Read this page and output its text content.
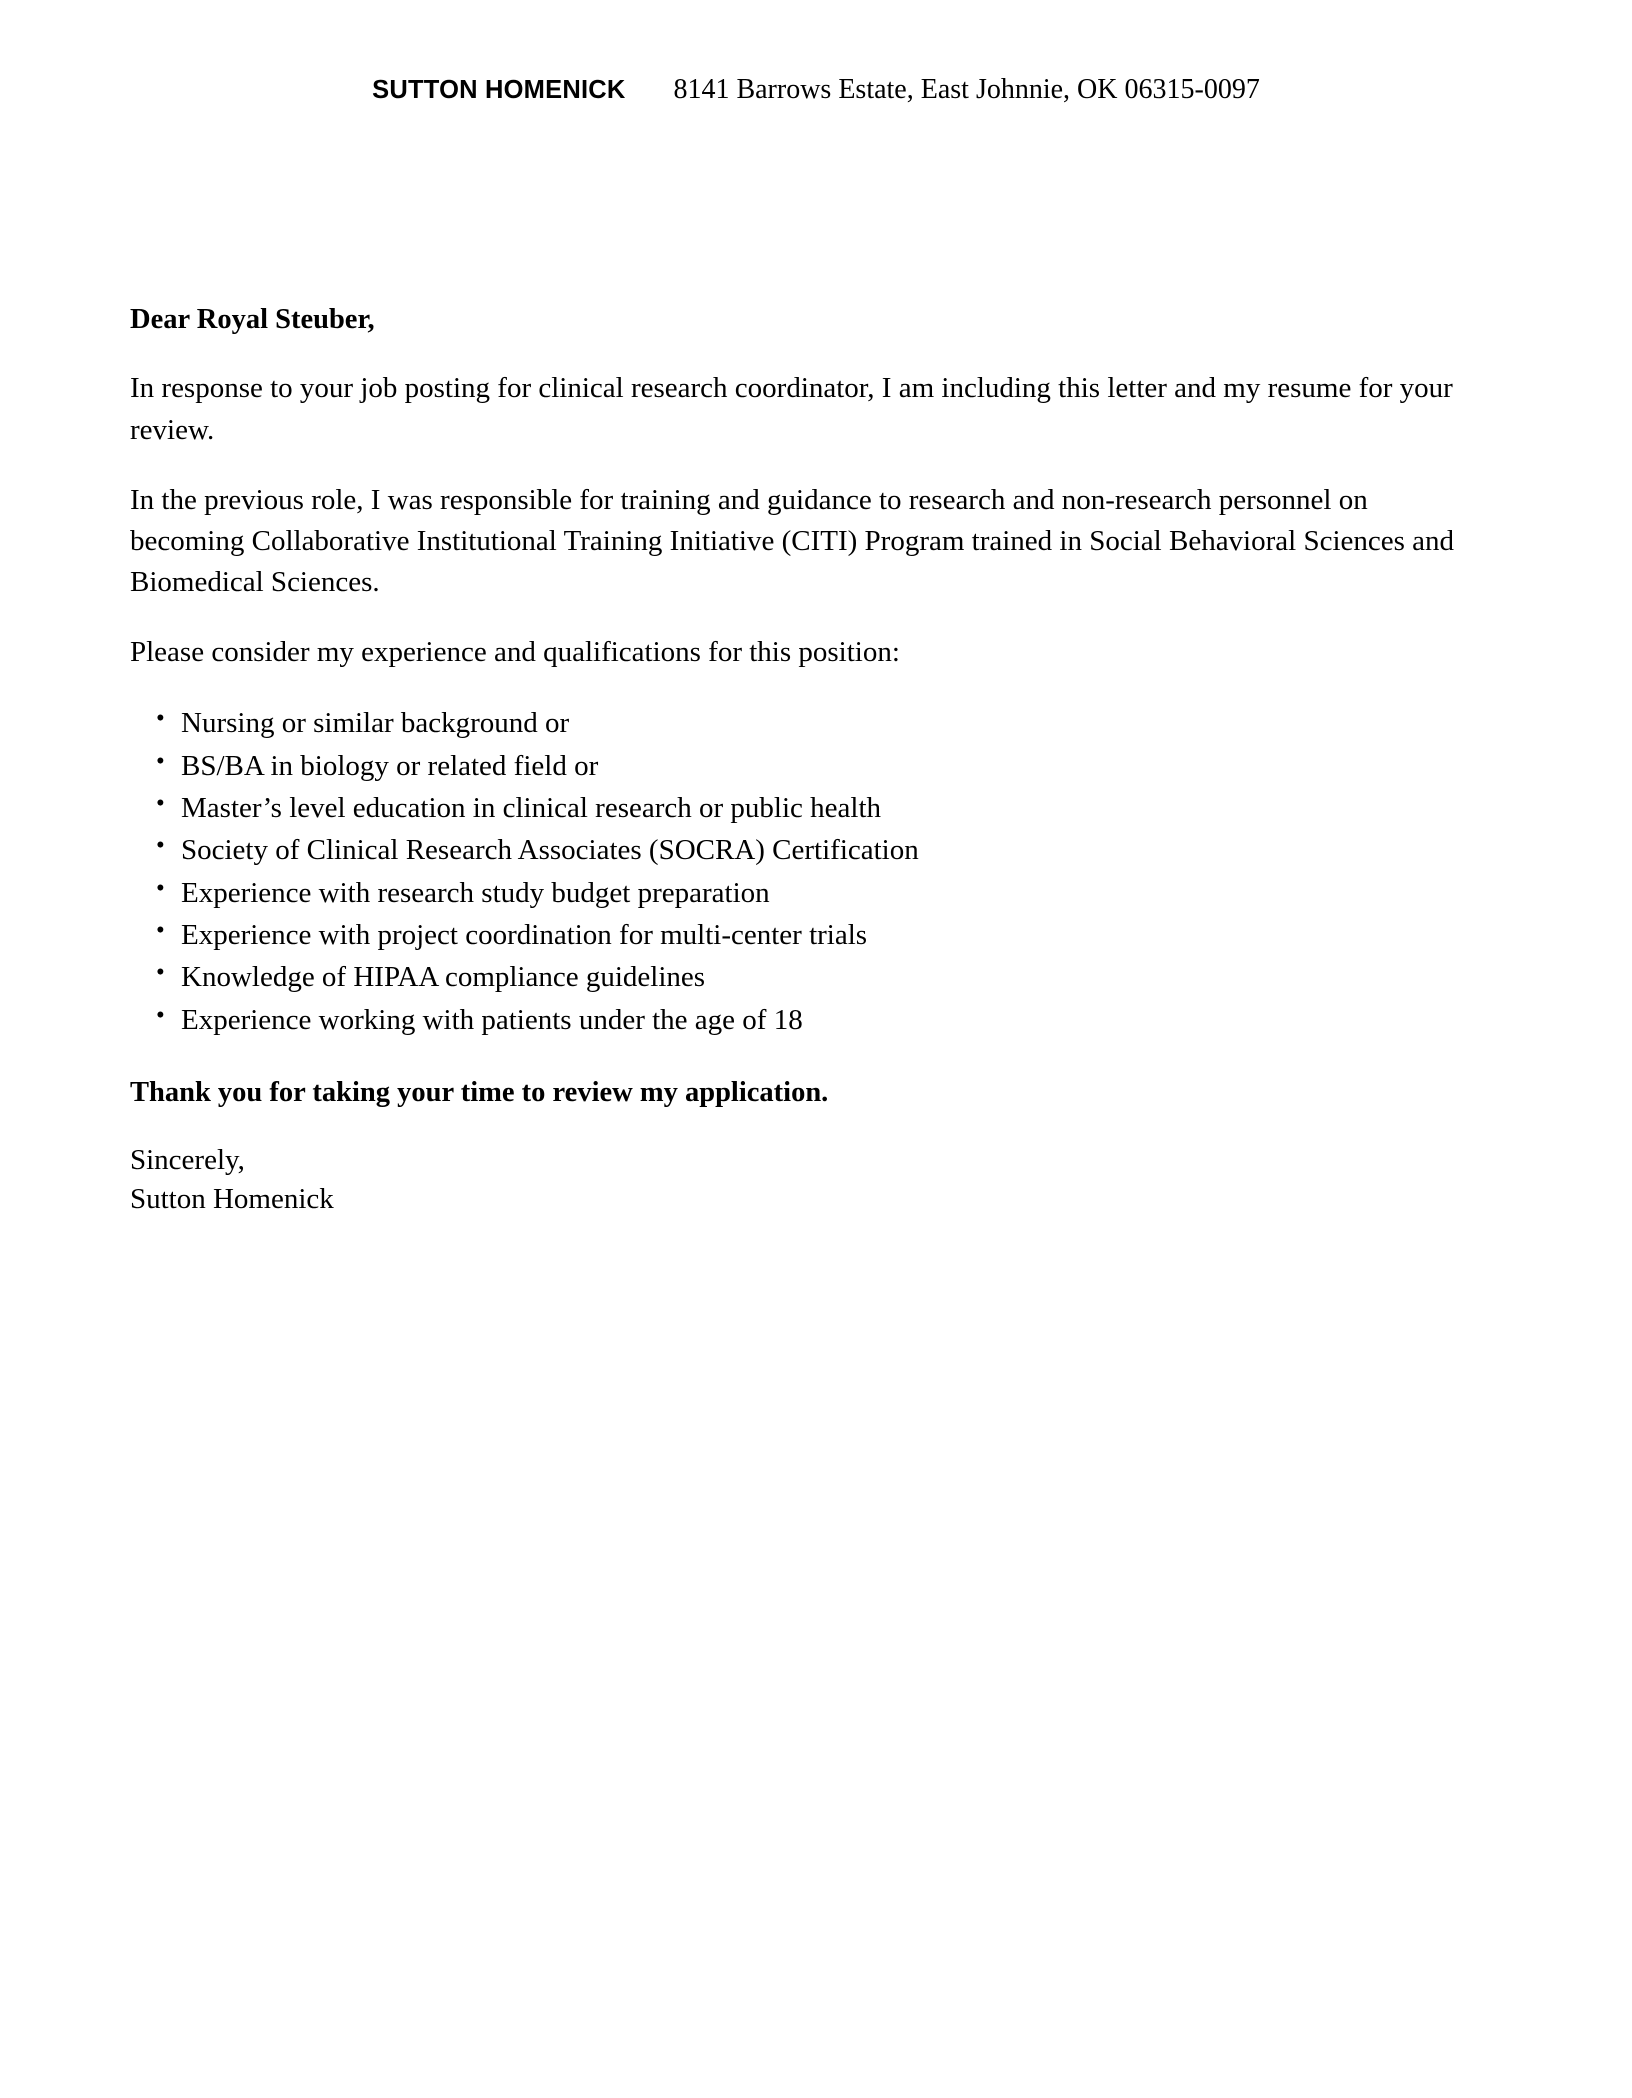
SUTTON HOMENICK 8141 Barrows Estate, East Johnnie, OK 06315-0097
Dear Royal Steuber,

In response to your job posting for clinical research coordinator, I am including this letter and my resume for your review.

In the previous role, I was responsible for training and guidance to research and non-research personnel on becoming Collaborative Institutional Training Initiative (CITI) Program trained in Social Behavioral Sciences and Biomedical Sciences.

Please consider my experience and qualifications for this position:

• Nursing or similar background or
• BS/BA in biology or related field or
• Master’s level education in clinical research or public health
• Society of Clinical Research Associates (SOCRA) Certification
• Experience with research study budget preparation
• Experience with project coordination for multi-center trials
• Knowledge of HIPAA compliance guidelines
• Experience working with patients under the age of 18
Thank you for taking your time to review my application.
Sincerely,
Sutton Homenick
